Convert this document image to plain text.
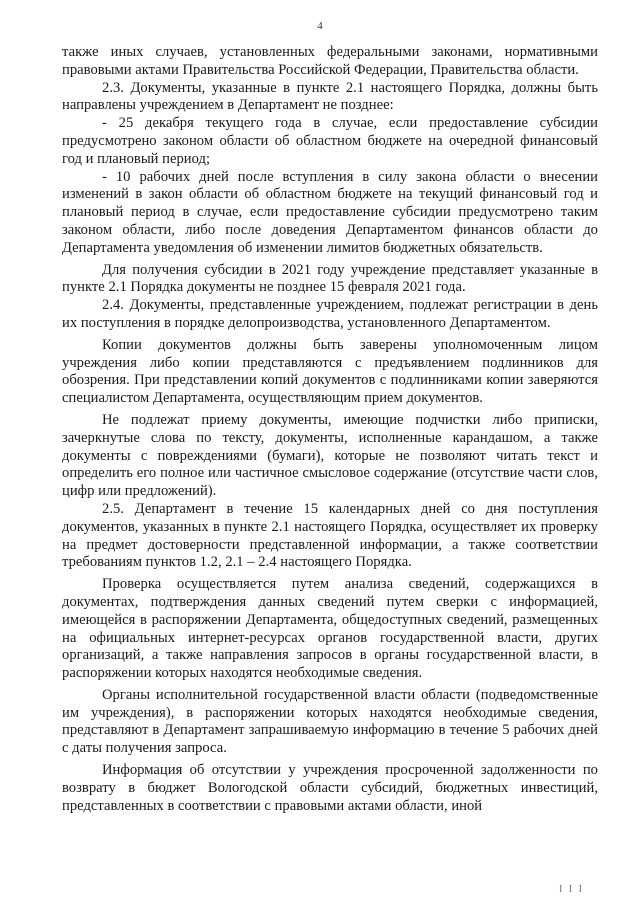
4

также иных случаев, установленных федеральными законами, нормативными правовыми актами Правительства Российской Федерации, Правительства области.

2.3. Документы, указанные в пункте 2.1 настоящего Порядка, должны быть направлены учреждением в Департамент не позднее:

- 25 декабря текущего года в случае, если предоставление субсидии предусмотрено законом области об областном бюджете на очередной финансовый год и плановый период;

- 10 рабочих дней после вступления в силу закона области о внесении изменений в закон области об областном бюджете на текущий финансовый год и плановый период в случае, если предоставление субсидии предусмотрено таким законом области, либо после доведения Департаментом финансов области до Департамента уведомления об изменении лимитов бюджетных обязательств.

Для получения субсидии в 2021 году учреждение представляет указанные в пункте 2.1 Порядка документы не позднее 15 февраля 2021 года.

2.4. Документы, представленные учреждением, подлежат регистрации в день их поступления в порядке делопроизводства, установленного Департаментом.

Копии документов должны быть заверены уполномоченным лицом учреждения либо копии представляются с предъявлением подлинников для обозрения. При представлении копий документов с подлинниками копии заверяются специалистом Департамента, осуществляющим прием документов.

Не подлежат приему документы, имеющие подчистки либо приписки, зачеркнутые слова по тексту, документы, исполненные карандашом, а также документы с повреждениями (бумаги), которые не позволяют читать текст и определить его полное или частичное смысловое содержание (отсутствие части слов, цифр или предложений).

2.5. Департамент в течение 15 календарных дней со дня поступления документов, указанных в пункте 2.1 настоящего Порядка, осуществляет их проверку на предмет достоверности представленной информации, а также соответствии требованиям пунктов 1.2, 2.1 – 2.4 настоящего Порядка.

Проверка осуществляется путем анализа сведений, содержащихся в документах, подтверждения данных сведений путем сверки с информацией, имеющейся в распоряжении Департамента, общедоступных сведений, размещенных на официальных интернет-ресурсах органов государственной власти, других организаций, а также направления запросов в органы государственной власти, в распоряжении которых находятся необходимые сведения.

Органы исполнительной государственной власти области (подведомственные им учреждения), в распоряжении которых находятся необходимые сведения, представляют в Департамент запрашиваемую информацию в течение 5 рабочих дней с даты получения запроса.

Информация об отсутствии у учреждения просроченной задолженности по возврату в бюджет Вологодской области субсидий, бюджетных инвестиций, представленных в соответствии с правовыми актами области, иной

I I I
